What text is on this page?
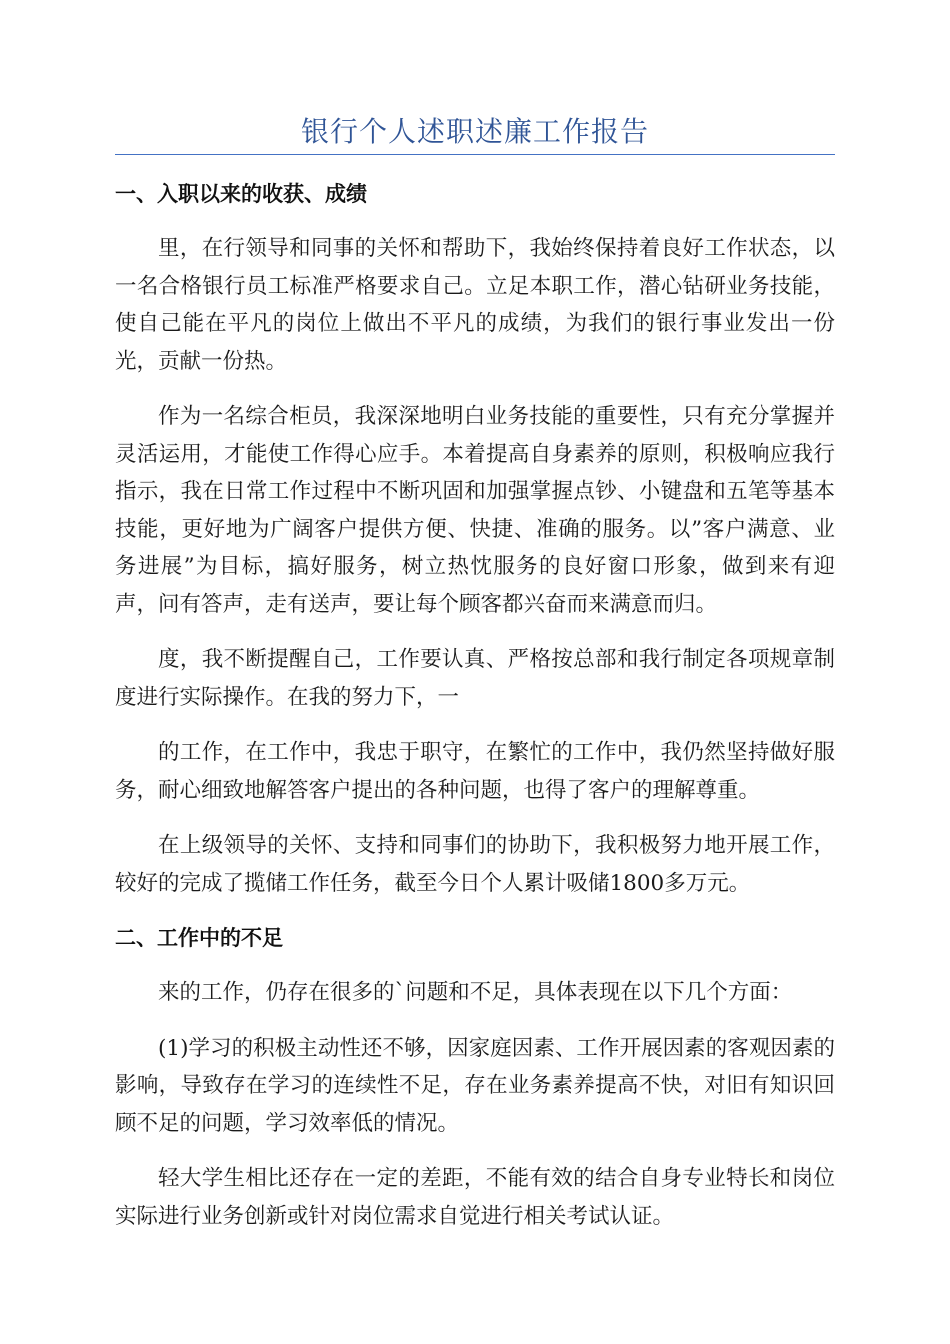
银行个人述职述廉工作报告
一、入职以来的收获、成绩

里，在行领导和同事的关怀和帮助下，我始终保持着良好工作状态，以一名合格银行员工标准严格要求自己。立足本职工作，潜心钻研业务技能，使自己能在平凡的岗位上做出不平凡的成绩，为我们的银行事业发出一份光，贡献一份热。

作为一名综合柜员，我深深地明白业务技能的重要性，只有充分掌握并灵活运用，才能使工作得心应手。本着提高自身素养的原则，积极响应我行指示，我在日常工作过程中不断巩固和加强掌握点钞、小键盘和五笔等基本技能，更好地为广阔客户提供方便、快捷、准确的服务。以”客户满意、业务进展”为目标，搞好服务，树立热忱服务的良好窗口形象，做到来有迎声，问有答声，走有送声，要让每个顾客都兴奋而来满意而归。

度，我不断提醒自己，工作要认真、严格按总部和我行制定各项规章制度进行实际操作。在我的努力下，一

的工作，在工作中，我忠于职守，在繁忙的工作中，我仍然坚持做好服务，耐心细致地解答客户提出的各种问题，也得了客户的理解尊重。

在上级领导的关怀、支持和同事们的协助下，我积极努力地开展工作，较好的完成了揽储工作任务，截至今日个人累计吸储1800多万元。

二、工作中的不足

来的工作，仍存在很多的`问题和不足，具体表现在以下几个方面：

(1)学习的积极主动性还不够，因家庭因素、工作开展因素的客观因素的影响，导致存在学习的连续性不足，存在业务素养提高不快，对旧有知识回顾不足的问题，学习效率低的情况。

轻大学生相比还存在一定的差距，不能有效的结合自身专业特长和岗位实际进行业务创新或针对岗位需求自觉进行相关考试认证。
